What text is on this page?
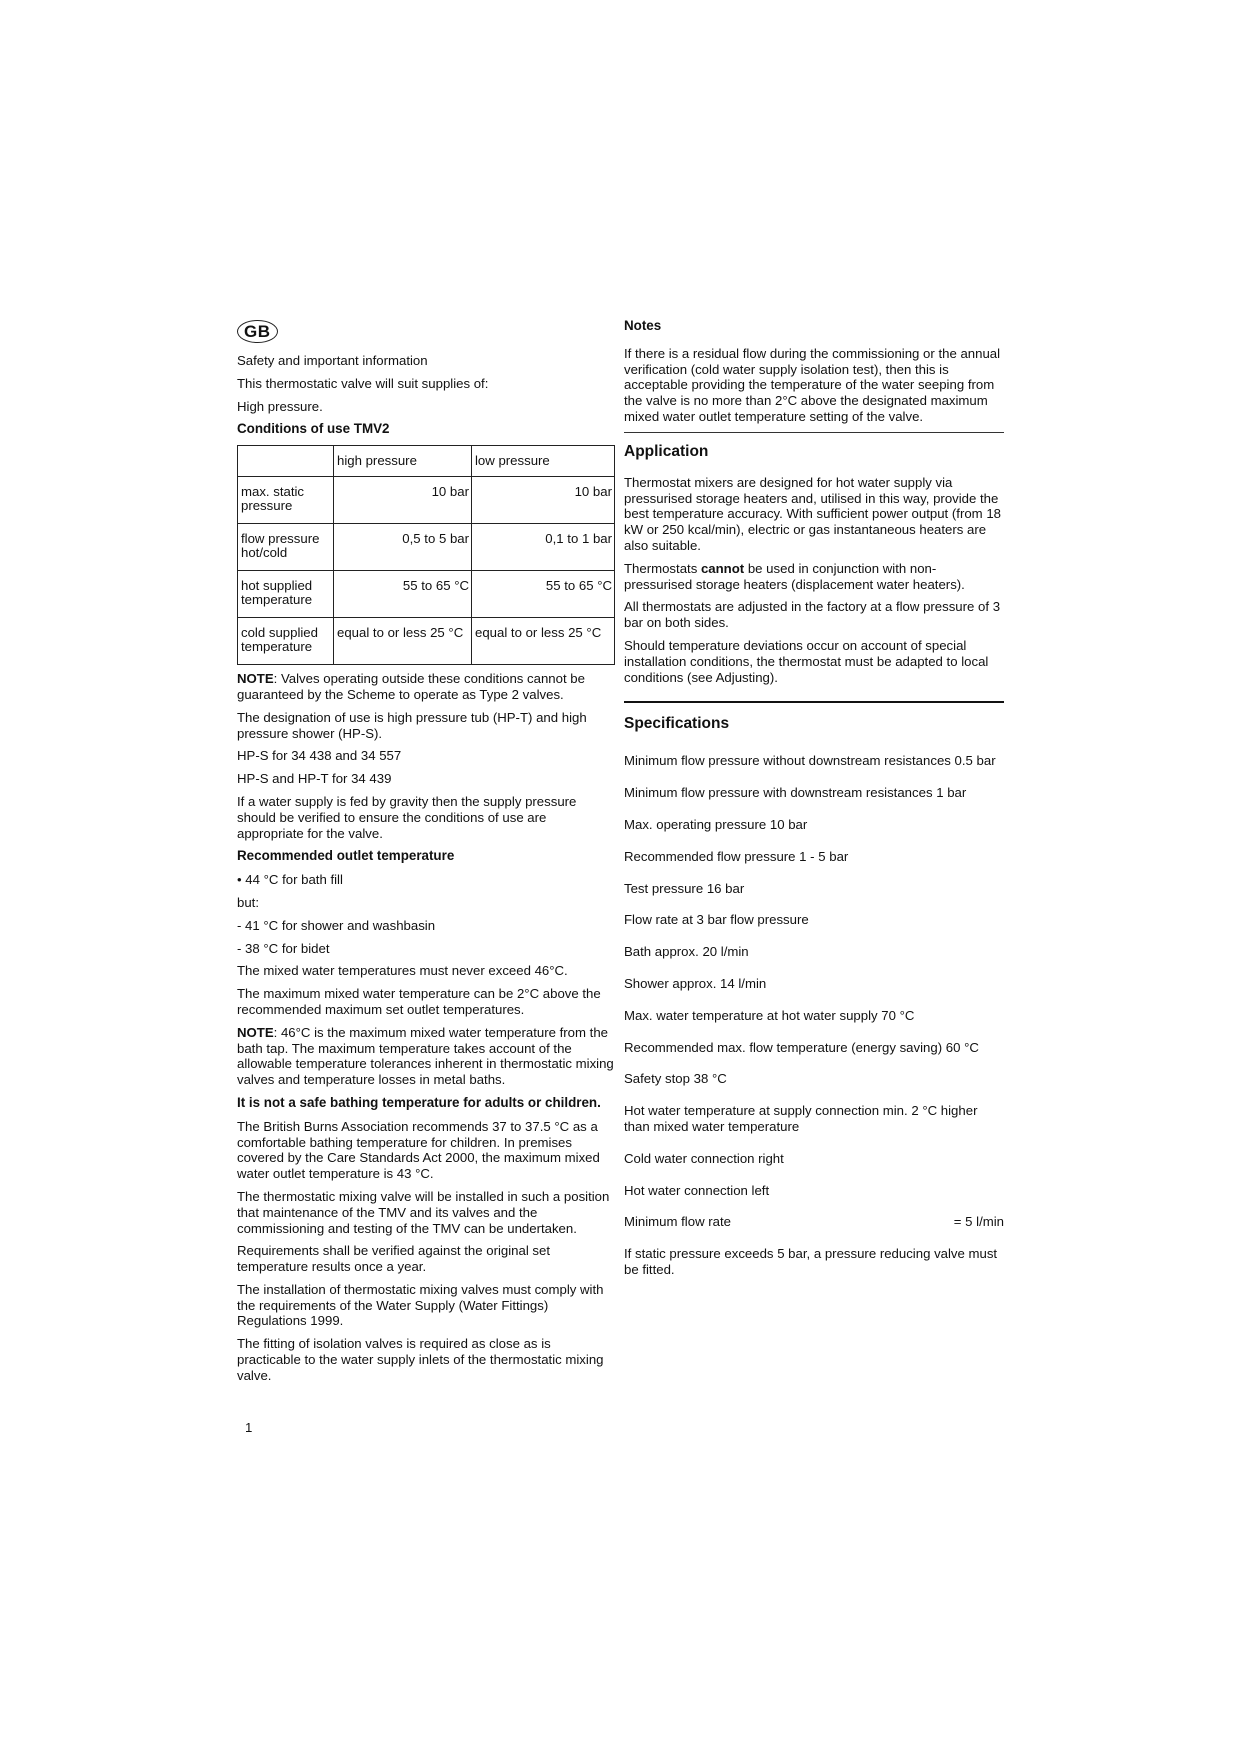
GB

Safety and important information

This thermostatic valve will suit supplies of:

High pressure.

Conditions of use TMV2
	high pressure	low pressure
max. static pressure	10 bar	10 bar
flow pressure hot/cold	0,5 to 5 bar	0,1 to 1 bar
hot supplied temperature	55 to 65 °C	55 to 65 °C
cold supplied temperature	equal to or less 25 °C	equal to or less 25 °C

NOTE: Valves operating outside these conditions cannot be guaranteed by the Scheme to operate as Type 2 valves.

The designation of use is high pressure tub (HP-T) and high pressure shower (HP-S).

HP-S for 34 438 and 34 557

HP-S and HP-T for 34 439

If a water supply is fed by gravity then the supply pressure should be verified to ensure the conditions of use are appropriate for the valve.

Recommended outlet temperature

• 44 °C for bath fill

but:

- 41 °C for shower and washbasin

- 38 °C for bidet

The mixed water temperatures must never exceed 46°C.

The maximum mixed water temperature can be 2°C above the recommended maximum set outlet temperatures.

NOTE: 46°C is the maximum mixed water temperature from the bath tap. The maximum temperature takes account of the allowable temperature tolerances inherent in thermostatic mixing valves and temperature losses in metal baths.

It is not a safe bathing temperature for adults or children.

The British Burns Association recommends 37 to 37.5 °C as a comfortable bathing temperature for children. In premises covered by the Care Standards Act 2000, the maximum mixed water outlet temperature is 43 °C.

The thermostatic mixing valve will be installed in such a position that maintenance of the TMV and its valves and the commissioning and testing of the TMV can be undertaken.

Requirements shall be verified against the original set temperature results once a year.

The installation of thermostatic mixing valves must comply with the requirements of the Water Supply (Water Fittings) Regulations 1999.

The fitting of isolation valves is required as close as is practicable to the water supply inlets of the thermostatic mixing valve.

Notes

If there is a residual flow during the commissioning or the annual verification (cold water supply isolation test), then this is acceptable providing the temperature of the water seeping from the valve is no more than 2°C above the designated maximum mixed water outlet temperature setting of the valve.

Application

Thermostat mixers are designed for hot water supply via pressurised storage heaters and, utilised in this way, provide the best temperature accuracy. With sufficient power output (from 18 kW or 250 kcal/min), electric or gas instantaneous heaters are also suitable.

Thermostats cannot be used in conjunction with non-pressurised storage heaters (displacement water heaters).

All thermostats are adjusted in the factory at a flow pressure of 3 bar on both sides.

Should temperature deviations occur on account of special installation conditions, the thermostat must be adapted to local conditions (see Adjusting).

Specifications
Minimum flow pressure without downstream resistances 0.5 bar
Minimum flow pressure with downstream resistances 1 bar
Max. operating pressure 10 bar
Recommended flow pressure 1 - 5 bar
Test pressure 16 bar
Flow rate at 3 bar flow pressure
Bath approx. 20 l/min
Shower approx. 14 l/min
Max. water temperature at hot water supply 70 °C
Recommended max. flow temperature (energy saving) 60 °C
Safety stop 38 °C
Hot water temperature at supply connection min. 2 °C higher than mixed water temperature
Cold water connection right
Hot water connection left
Minimum flow rate	= 5 l/min
If static pressure exceeds 5 bar, a pressure reducing valve must be fitted.
1
